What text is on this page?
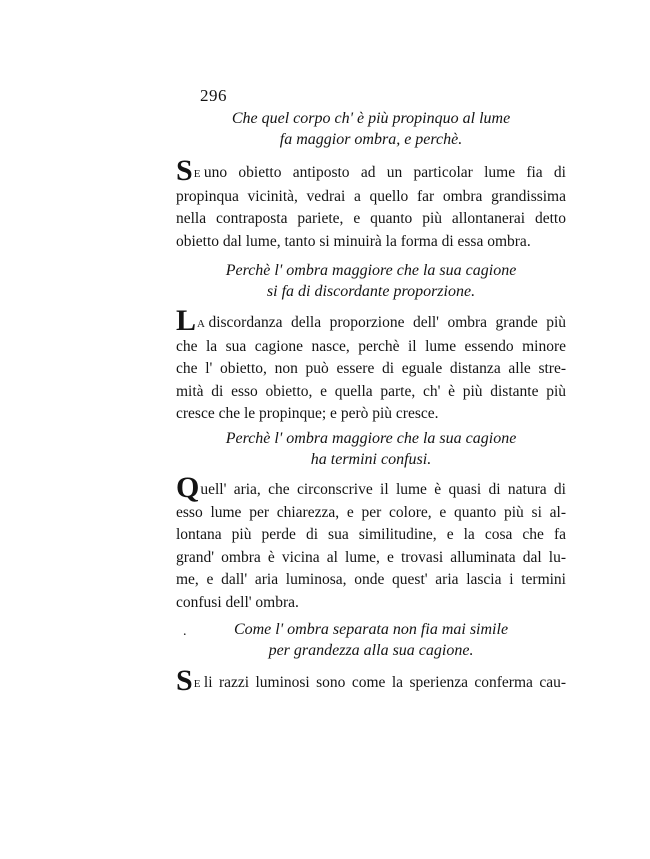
296
Che quel corpo ch' è più propinquo al lume
fa maggior ombra, e perchè.
SE uno obietto antiposto ad un particolar lume fia di
propinqua vicinità, vedrai a quello far ombra grandissima
nella contraposta pariete, e quanto più allontanerai detto
obietto dal lume, tanto si minuirà la forma di essa ombra.
Perchè l' ombra maggiore che la sua cagione
si fa di discordante proporzione.
LA discordanza della proporzione dell' ombra grande più
che la sua cagione nasce, perchè il lume essendo minore
che l' obietto, non può essere di eguale distanza alle stre-
mità di esso obietto, e quella parte, ch' è più distante più
cresce che le propinque; e però più cresce.
Perchè l' ombra maggiore che la sua cagione
ha termini confusi.
Quell' aria, che circonscrive il lume è quasi di natura di
esso lume per chiarezza, e per colore, e quanto più si al-
lontana più perde di sua similitudine, e la cosa che fa
grand' ombra è vicina al lume, e trovasi alluminata dal lu-
me, e dall' aria luminosa, onde quest' aria lascia i termini
confusi dell' ombra.
.	Come l' ombra separata non fia mai simile
per grandezza alla sua cagione.
SE li razzi luminosi sono come la sperienza conferma cau-
